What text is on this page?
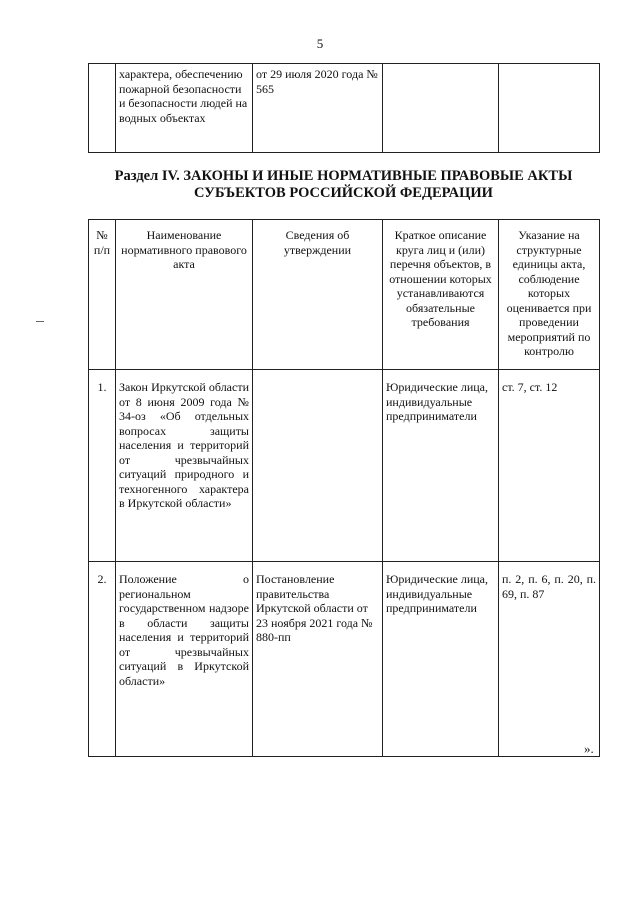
5
	характера, обеспечению пожарной безопасности и безопасности людей на водных объектах	от 29 июля 2020 года № 565		
Раздел IV. ЗАКОНЫ И ИНЫЕ НОРМАТИВНЫЕ ПРАВОВЫЕ АКТЫ СУБЪЕКТОВ РОССИЙСКОЙ ФЕДЕРАЦИИ
№ п/п	Наименование нормативного правового акта	Сведения об утверждении	Краткое описание круга лиц и (или) перечня объектов, в отношении которых устанавливаются обязательные требования	Указание на структурные единицы акта, соблюдение которых оценивается при проведении мероприятий по контролю
1.	Закон Иркутской области от 8 июня 2009 года № 34-оз «Об отдельных вопросах защиты населения и территорий от чрезвычайных ситуаций природного и техногенного характера в Иркутской области»		Юридические лица, индивидуальные предприниматели	ст. 7, ст. 12
2.	Положение о региональном государственном надзоре в области защиты населения и территорий от чрезвычайных ситуаций в Иркутской области»	Постановление правительства Иркутской области от 23 ноября 2021 года № 880-пп	Юридические лица, индивидуальные предприниматели	п. 2, п. 6, п. 20, п. 69, п. 87
».
